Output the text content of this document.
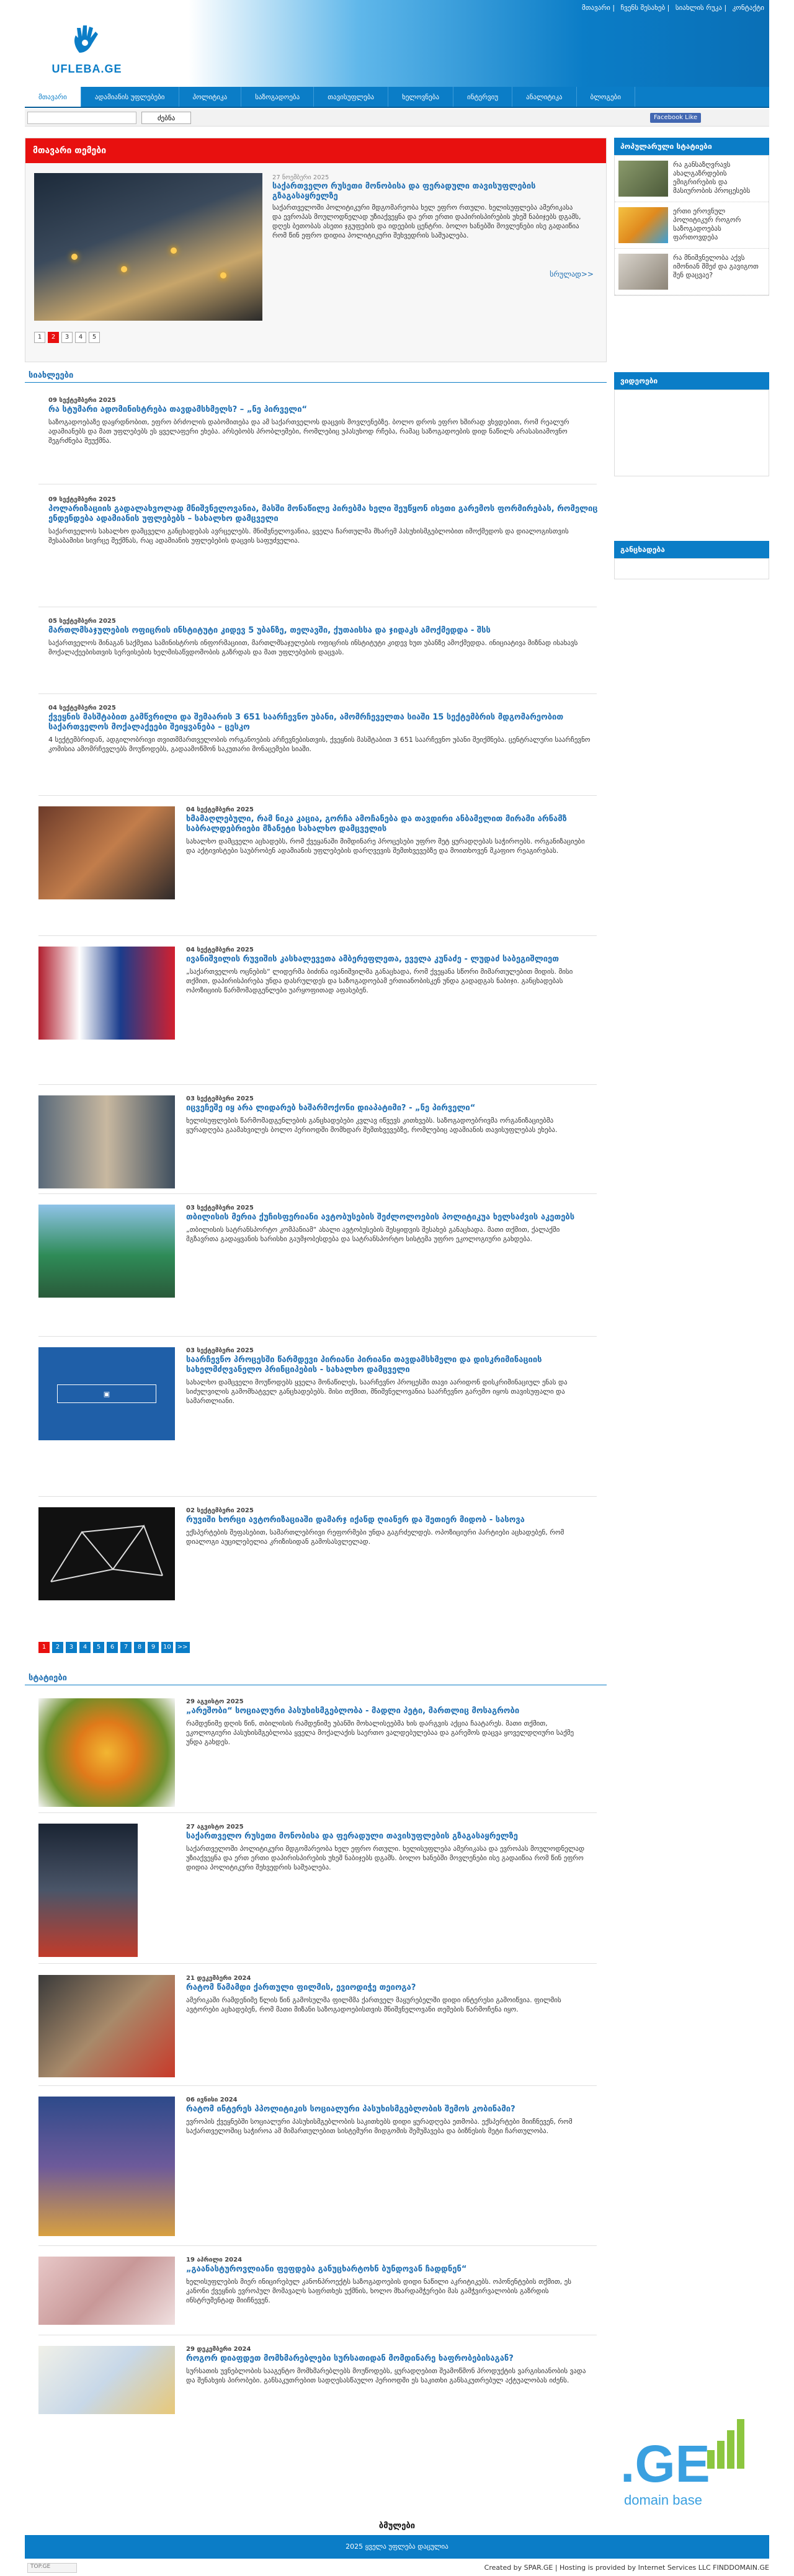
მთავარი | ჩვენს შესახებ | სიახლის რუკა | კონტაქტი
UFLEBA.GE
მთავარი	ადამიანის უფლებები	პოლიტიკა	საზოგადოება	თავისუფლება	ხელოვნება	ინტერვიუ	ანალიტიკა	ბლოგები
ძებნა	Facebook Like
მთავარი თემები
27 ნოემბერი 2025
საქართველო რუსეთი მონობისა და ფერადული თავისუფლების გზაგასაყრელზე
საქართველოში პოლიტიკური მდგომარეობა ხელ ეფრო რთული. ხელისუფლება ამერიკასა და ევროპას მოულოდნელად უზიაქვეყნა და ერთ ერთი დაპირისპირების უხეშ ნაბიჯებს დგამს, დღეს ბეთობას ასეთი ჯგუფების და იდეების ცენტრი. ბოლო ხანებში მოვლენები ისე გადაიწია რომ წინ ეფრო დიდია პოლიტიკური შეხვედრის საშუალება.
სრულად>>
1	2	3	4	5
პოპულარული სტატიები
რა განსაზღვრავს ახალგაზრდების ემიგრირების და მასიურობის პროცესებს
ერთი ეროვნულ პოლიტიკურ როგორ საზოგადოებას ფართოვდება
რა მნიშვნელობა აქვს იმონიან შმეძ და გავიგოთ შენ დაცვაე?
ვიდეოები
განცხადება
სიახლეები
09 სექტემბერი 2025
რა სტუმარი ადომინისტრება თავდამსხმელს? – „ნე პირველი“
საზოგადოებაზე დაყრდნობით, ეფრო ბრძოლის დაბომითება და ამ საქართველოს დაცვის მოვლენებზე. ბოლო დროს ეფრო ხშირად ვხვდებით, რომ რეალურ ადამიანებს და მათ უფლებებს ეს ყველაფერი ეხება. არსებობს პრობლემები, რომლებიც უპასუხოდ რჩება, რამაც საზოგადოების დიდ ნაწილს არასასიამოვნო შეგრძნება შეუქმნა.
09 სექტემბერი 2025
პოლარიზაციის გადალახვოლად მნიშვნელოვანია, მასში მონაწილე პირებმა ხელი შეუწყონ ისეთი გარემოს ფორმირებას, რომელიც ენდენდება ადამიანის უფლებებს – სახალხო დამცველი
საქართველოს სახალხო დამცველი განცხადებას ავრცელებს. მნიშვნელოვანია, ყველა ჩართულმა მხარემ პასუხისმგებლობით იმოქმედოს და დიალოგისთვის შესაბამისი სივრცე შექმნას, რაც ადამიანის უფლებების დაცვის საფუძველია.
05 სექტემბერი 2025
მართლმსაჯულების ოფიცრის ინსტიტუტი კიდევ 5 უბანზე, თელავში, ქუთაისსა და ჯიდაკს ამოქმედდა - შსს
საქართველოს შინაგან საქმეთა სამინისტროს ინფორმაციით, მართლმსაჯულების ოფიცრის ინსტიტუტი კიდევ ხუთ უბანზე ამოქმედდა. ინიციატივა მიზნად ისახავს მოქალაქეებისთვის სერვისების ხელმისაწვდომობის გაზრდას და მათ უფლებების დაცვას.
04 სექტემბერი 2025
ქვეყნის მასშტაბით გამწვრილი და შემაარის 3 651 საარჩევნო უბანი, ამომრჩეველთა სიაში 15 სექტემბრის მდგომარეობით საქართველოს მოქალაქეები შეიყვანება – ცესკო
4 სექტემბრიდან, ადგილობრივი თვითმმართველობის ორგანოების არჩევნებისთვის, ქვეყნის მასშტაბით 3 651 საარჩევნო უბანი შეიქმნება. ცენტრალური საარჩევნო კომისია ამომრჩევლებს მოუწოდებს, გადაამოწმონ საკუთარი მონაცემები სიაში.
04 სექტემბერი 2025
ხმამაღლებული, რამ ნიკა კაცია, გორჩა ამოჩანება და თავდირი ანბამელით მირამი არნამზ საბრალდებრიები მზანეტი სახალხო დამცველის
სახალხო დამცველი აცხადებს, რომ ქვეყანაში მიმდინარე პროცესები უფრო მეტ ყურადღებას საჭიროებს. ორგანიზაციები და აქტივისტები საუბრობენ ადამიანის უფლებების დარღვევის შემთხვევებზე და მოითხოვენ მკაფიო რეაგირებას.
04 სექტემბერი 2025
ივანიშვილის რუვიშის კასხალევეთა ამბერეფლეთა, ეველა კუნაძე - ლუდაძ საბეგიშლიეთ
„საქართველოს ოცნების“ ლიდერმა ბიძინა ივანიშვილმა განაცხადა, რომ ქვეყანა სწორი მიმართულებით მიდის. მისი თქმით, დაპირისპირება უნდა დასრულდეს და საზოგადოებამ ერთიანობისკენ უნდა გადადგას ნაბიჯი. განცხადებას ოპოზიციის წარმომადგენლები უარყოფითად აფასებენ.
03 სექტემბერი 2025
იცვეჩეშე იყ არა ლიდარებ ხაშარმოქონი დიაპატიმი? - „ნე პირველი“
ხელისუფლების წარმომადგენლების განცხადებები კვლავ იწვევს კითხვებს. საზოგადოებრივმა ორგანიზაციებმა ყურადღება გაამახვილეს ბოლო პერიოდში მომხდარ შემთხვევებზე, რომლებიც ადამიანის თავისუფლებას ეხება.
03 სექტემბერი 2025
თბილისის მერია ქუჩისფერიანი ავტობუსების შეძლოლოების პოლიტიკუა ხელსაძვის აკეთებს
„თბილისის სატრანსპორტო კომპანიამ“ ახალი ავტობუსების შესყიდვის შესახებ განაცხადა. მათი თქმით, ქალაქში მგზავრთა გადაყვანის ხარისხი გაუმჯობესდება და სატრანსპორტო სისტემა უფრო ეკოლოგიური გახდება.
▣
03 სექტემბერი 2025
საარჩევნო პროცესში წარმდევი პირიანი პირიანი თავდამსხმელი და დისკრიმინაციის სახელმძღვანელო პრინციპების - სახალხო დამცველი
სახალხო დამცველი მოუწოდებს ყველა მონაწილეს, საარჩევნო პროცესში თავი აარიდონ დისკრიმინაციულ ენას და სიძულვილის გამომხატველ განცხადებებს. მისი თქმით, მნიშვნელოვანია საარჩევნო გარემო იყოს თავისუფალი და სამართლიანი.
02 სექტემბერი 2025
რუვიში ხორცი ავტორიზაციაში დამარჯ იქანდ ღიანერ და შეთიერ მიდობ - სასოვა
ექსპერტების შეფასებით, სამართლებრივი რეფორმები უნდა გაგრძელდეს. ოპოზიციური პარტიები აცხადებენ, რომ დიალოგი აუცილებელია კრიზისიდან გამოსასვლელად.
1	2	3	4	5	6	7	8	9	10	>>
სტატიები
29 აგვისტო 2025
„არეშობი“ სოციალური პასუხისმგებლობა - მადლი პეტი, მართლიც მოსაგრობი
რამდენიმე დღის წინ, თბილისის რამდენიმე უბანში მოხალისეებმა ხის დარგვის აქცია ჩაატარეს. მათი თქმით, ეკოლოგიური პასუხისმგებლობა ყველა მოქალაქის საერთო ვალდებულებაა და გარემოს დაცვა ყოველდღიური საქმე უნდა გახდეს.
27 აგვისტო 2025
საქართველო რუსეთი მონობისა და ფერადული თავისუფლების გზაგასაყრელზე
საქართველოში პოლიტიკური მდგომარეობა ხელ ეფრო რთული. ხელისუფლება ამერიკასა და ევროპას მოულოდნელად უზიაქვეყნა და ერთ ერთი დაპირისპირების უხეშ ნაბიჯებს დგამს. ბოლო ხანებში მოვლენები ისე გადაიწია რომ წინ ეფრო დიდია პოლიტიკური შეხვედრის საშუალება.
21 დეკემბერი 2024
რატომ წამამდი ქართული ფილმის, ევიოდიჭე თეიოგა?
ამერიკაში რამდენიმე წლის წინ გამოსულმა ფილმმა ქართველ მაყურებელში დიდი ინტერესი გამოიწვია. ფილმის ავტორები აცხადებენ, რომ მათი მიზანი საზოგადოებისთვის მნიშვნელოვანი თემების წარმოჩენა იყო.
06 ივნისი 2024
რატომ ინტერეს ჰპოლიტიკის სოციალური პასუხისმგებლობის შემოს კობინამი?
ევროპის ქვეყნებში სოციალური პასუხისმგებლობის საკითხებს დიდი ყურადღება ეთმობა. ექსპერტები მიიჩნევენ, რომ საქართველოშიც საჭიროა ამ მიმართულებით სისტემური მიდგომის შემუშავება და ბიზნესის მეტი ჩართულობა.
19 აპრილი 2024
„გაანასტუროვლიანი ფეფდება განუცხარტოხნ ბუნდოვან ჩადდნენ“
ხელისუფლების მიერ ინიცირებულ კანონპროექტს საზოგადოების დიდი ნაწილი აკრიტიკებს. ოპონენტების თქმით, ეს კანონი ქვეყნის ევროპულ მომავალს საფრთხეს უქმნის, ხოლო მხარდამჭერები მას გამჭვირვალობის გაზრდის ინსტრუმენტად მიიჩნევენ.
29 დეკემბერი 2024
როგორ დიაფდეთ მომხმარებლები სურსათიდან მომდინარე ხაფრობებისაგან?
სურსათის უვნებლობის სააგენტო მომხმარებლებს მოუწოდებს, ყურადღებით შეამოწმონ პროდუქტის ვარგისიანობის ვადა და შენახვის პირობები. განსაკუთრებით სადღესასწაულო პერიოდში ეს საკითხი განსაკუთრებულ აქტუალობას იძენს.
.GE
domain base
ბმულები
2025 ყველა უფლება დაცულია
TOP.GE	Created by SPAR.GE | Hosting is provided by Internet Services LLC FINDDOMAIN.GE
